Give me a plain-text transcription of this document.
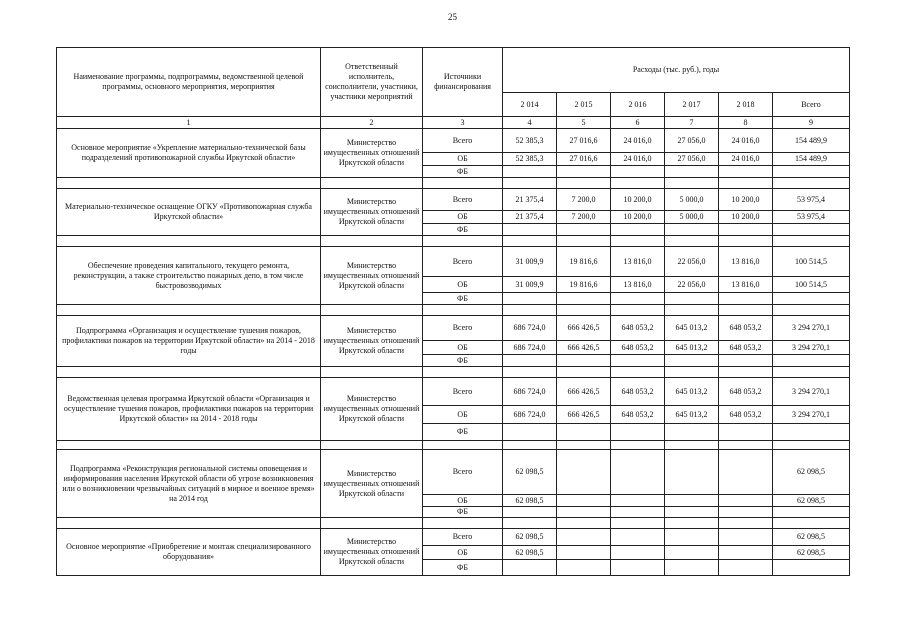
25
Наименование программы, подпрограммы, ведомственной целевой программы, основного мероприятия, мероприятия	Ответственный исполнитель, соисполнители, участники, участники мероприятий	Источники финансирования	Расходы (тыс. руб.), годы					
			2 014	2 015	2 016	2 017	2 018	Всего
1	2	3	4	5	6	7	8	9
Основное мероприятие «Укрепление материально-технической базы подразделений противопожарной службы Иркутской области»	Министерство имущественных отношений Иркутской области	Всего	52 385,3	27 016,6	24 016,0	27 056,0	24 016,0	154 489,9
		ОБ	52 385,3	27 016,6	24 016,0	27 056,0	24 016,0	154 489,9
		ФБ						

Материально-техническое оснащение ОГКУ «Противопожарная служба Иркутской области»	Министерство имущественных отношений Иркутской области	Всего	21 375,4	7 200,0	10 200,0	5 000,0	10 200,0	53 975,4
		ОБ	21 375,4	7 200,0	10 200,0	5 000,0	10 200,0	53 975,4
		ФБ						

Обеспечение проведения капитального, текущего ремонта, реконструкции, а также строительство пожарных депо, в том числе быстровозводимых	Министерство имущественных отношений Иркутской области	Всего	31 009,9	19 816,6	13 816,0	22 056,0	13 816,0	100 514,5
		ОБ	31 009,9	19 816,6	13 816,0	22 056,0	13 816,0	100 514,5
		ФБ						

Подпрограмма «Организация и осуществление тушения пожаров, профилактики пожаров на территории Иркутской области» на 2014 - 2018 годы	Министерство имущественных отношений Иркутской области	Всего	686 724,0	666 426,5	648 053,2	645 013,2	648 053,2	3 294 270,1
		ОБ	686 724,0	666 426,5	648 053,2	645 013,2	648 053,2	3 294 270,1
		ФБ						

Ведомственная целевая программа Иркутской области «Организация и осуществление тушения пожаров, профилактики пожаров на территории Иркутской области» на 2014 - 2018 годы	Министерство имущественных отношений Иркутской области	Всего	686 724,0	666 426,5	648 053,2	645 013,2	648 053,2	3 294 270,1
		ОБ	686 724,0	666 426,5	648 053,2	645 013,2	648 053,2	3 294 270,1
		ФБ						

Подпрограмма «Реконструкция региональной системы оповещения и информирования населения Иркутской области об угрозе возникновения или о возникновении чрезвычайных ситуаций в мирное и военное время» на 2014 год	Министерство имущественных отношений Иркутской области	Всего	62 098,5					62 098,5
		ОБ	62 098,5					62 098,5
		ФБ						

Основное мероприятие «Приобретение и монтаж специализированного оборудования»	Министерство имущественных отношений Иркутской области	Всего	62 098,5					62 098,5
		ОБ	62 098,5					62 098,5
		ФБ						
